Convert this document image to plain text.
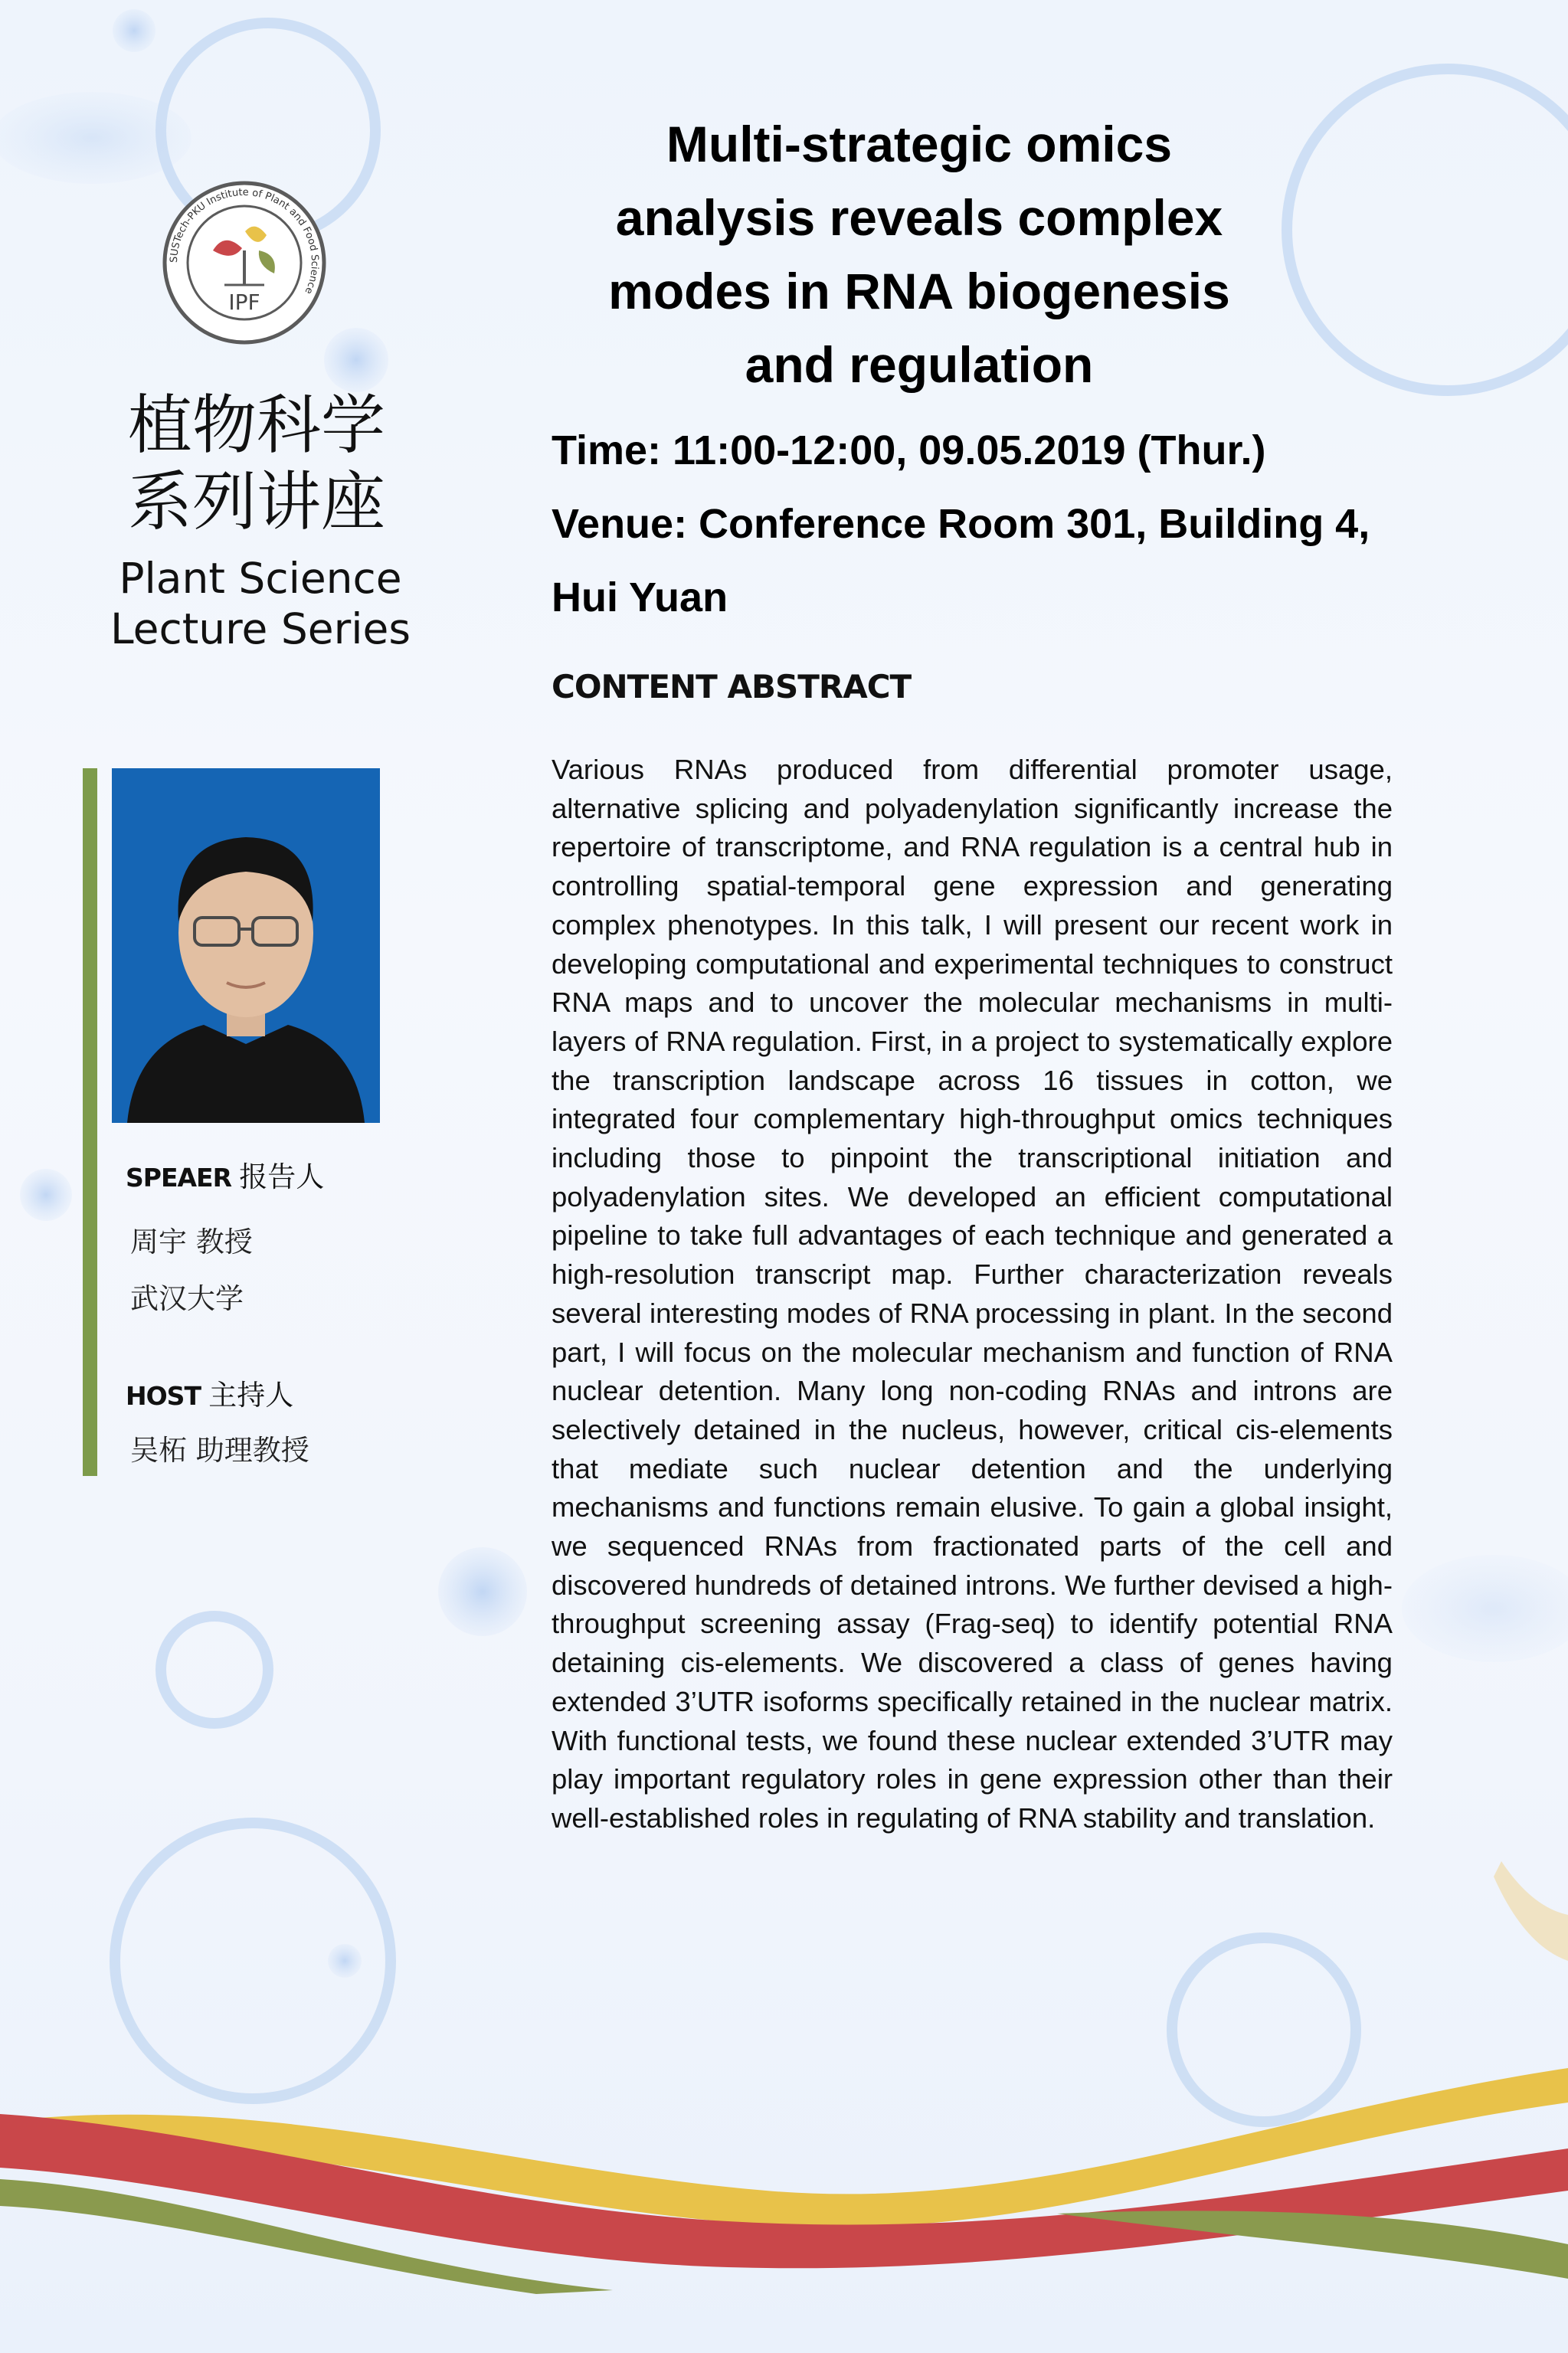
SUSTech-PKU Institute of Plant and Food Science
IPF
植物科学
系列讲座
Plant Science
Lecture Series
SPEAER 报告人
周宇 教授
武汉大学
HOST 主持人
吴柘 助理教授
Multi-strategic omics
analysis reveals complex
modes in RNA biogenesis
and regulation
Time: 11:00-12:00, 09.05.2019 (Thur.)
Venue: Conference Room 301, Building 4,
Hui Yuan
CONTENT ABSTRACT

Various RNAs produced from differential promoter usage, alternative splicing and polyadenylation significantly increase the repertoire of transcriptome, and RNA regulation is a central hub in controlling spatial-temporal gene expression and generating complex phenotypes. In this talk, I will present our recent work in developing computational and experimental techniques to construct RNA maps and to uncover the molecular mechanisms in multi-layers of RNA regulation. First, in a project to systematically explore the transcription landscape across 16 tissues in cotton, we integrated four complementary high-throughput omics techniques including those to pinpoint the transcriptional initiation and polyadenylation sites. We developed an efficient computational pipeline to take full advantages of each technique and generated a high-resolution transcript map. Further characterization reveals several interesting modes of RNA processing in plant. In the second part, I will focus on the molecular mechanism and function of RNA nuclear detention. Many long non-coding RNAs and introns are selectively detained in the nucleus, however, critical cis-elements that mediate such nuclear detention and the underlying mechanisms and functions remain elusive. To gain a global insight, we sequenced RNAs from fractionated parts of the cell and discovered hundreds of detained introns. We further devised a high-throughput screening assay (Frag-seq) to identify potential RNA detaining cis-elements. We discovered a class of genes having extended 3’UTR isoforms specifically retained in the nuclear matrix. With functional tests, we found these nuclear extended 3’UTR may play important regulatory roles in gene expression other than their well-established roles in regulating of RNA stability and translation.
